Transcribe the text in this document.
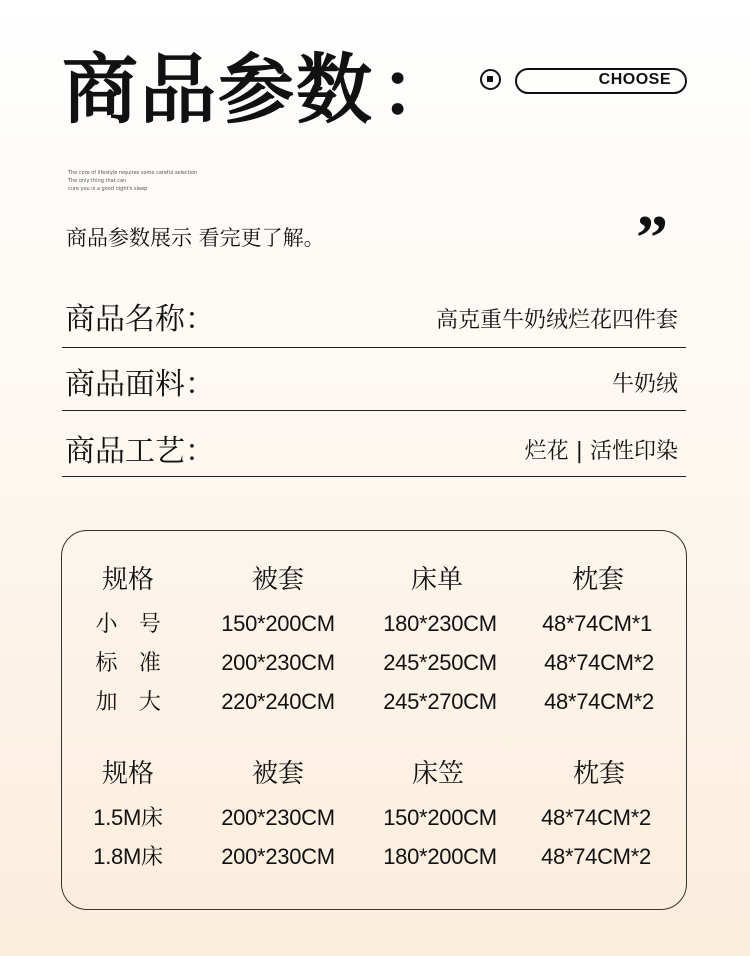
商品参数 ：	CHOOSE
The core of lifestyle requires some careful selection
The only thing that can
cure you is a good night's sleep
商品参数展示 看完更了解。	”
商品名称：	高克重牛奶绒烂花四件套
商品面料：	牛奶绒
商品工艺：	烂花 | 活性印染
规格	被套	床单	枕套
小　号	150*200CM 180*230CM 48*74CM*1
标　准	200*230CM 245*250CM 48*74CM*2
加　大	220*240CM 245*270CM 48*74CM*2
规格	被套	床笠	枕套
1.5M床	200*230CM 150*200CM 48*74CM*2
1.8M床	200*230CM 180*200CM 48*74CM*2
